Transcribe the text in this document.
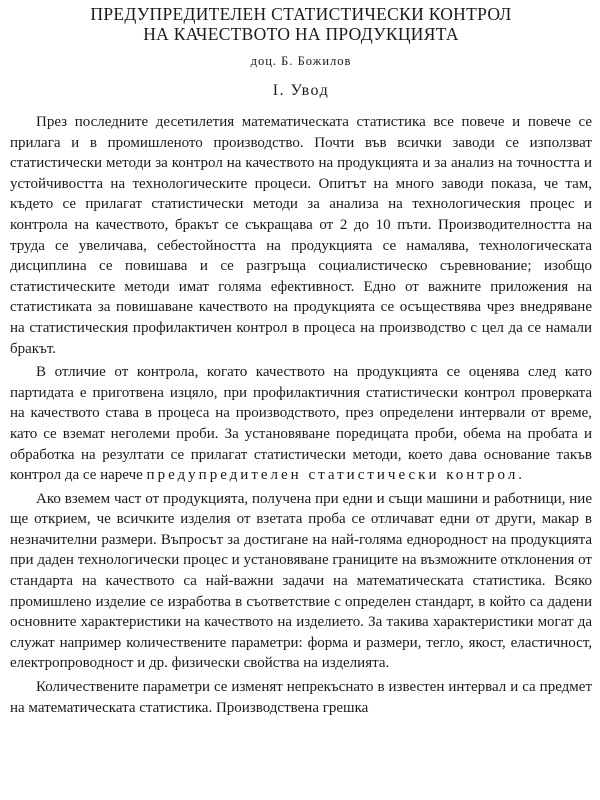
ПРЕДУПРЕДИТЕЛЕН СТАТИСТИЧЕСКИ КОНТРОЛ
НА КАЧЕСТВОТО НА ПРОДУКЦИЯТА
доц. Б. Божилов
I. Увод

През последните десетилетия математическата статистика все повече и повече се прилага и в промишленото производство. Почти във всички заводи се използват статистически методи за контрол на качеството на продукцията и за анализ на точността и устойчивостта на технологическите процеси. Опитът на много заводи показа, че там, където се прилагат статистически методи за анализа на технологическия процес и контрола на качеството, бракът се съкращава от 2 до 10 пъти. Производителността на труда се увеличава, себестойността на продукцията се намалява, технологическата дисциплина се повишава и се разгръща социалистическо съревнование; изобщо статистическите методи имат голяма ефективност. Едно от важните приложения на статистиката за повишаване качеството на продукцията се осъществява чрез внедряване на статистическия профилактичен контрол в процеса на производство с цел да се намали бракът.

В отличие от контрола, когато качеството на продукцията се оценява след като партидата е приготвена изцяло, при профилактичния статистически контрол проверката на качеството става в процеса на производството, през определени интервали от време, като се вземат неголеми проби. За установяване поредицата проби, обема на пробата и обработка на резултати се прилагат статистически методи, което дава основание такъв контрол да се нарече предупредителен статистически контрол.

Ако вземем част от продукцията, получена при едни и същи машини и работници, ние ще открием, че всичките изделия от взетата проба се отличават едни от други, макар в незначителни размери. Въпросът за достигане на най-голяма еднородност на продукцията при даден технологически процес и установяване границите на възможните отклонения от стандарта на качеството са най-важни задачи на математическата статистика. Всяко промишлено изделие се изработва в съответствие с определен стандарт, в който са дадени основните характеристики на качеството на изделието. За такива характеристики могат да служат например количествените параметри: форма и размери, тегло, якост, еластичност, електропроводност и др. физически свойства на изделията.

Количествените параметри се изменят непрекъснато в известен интервал и са предмет на математическата статистика. Производствена грешка
